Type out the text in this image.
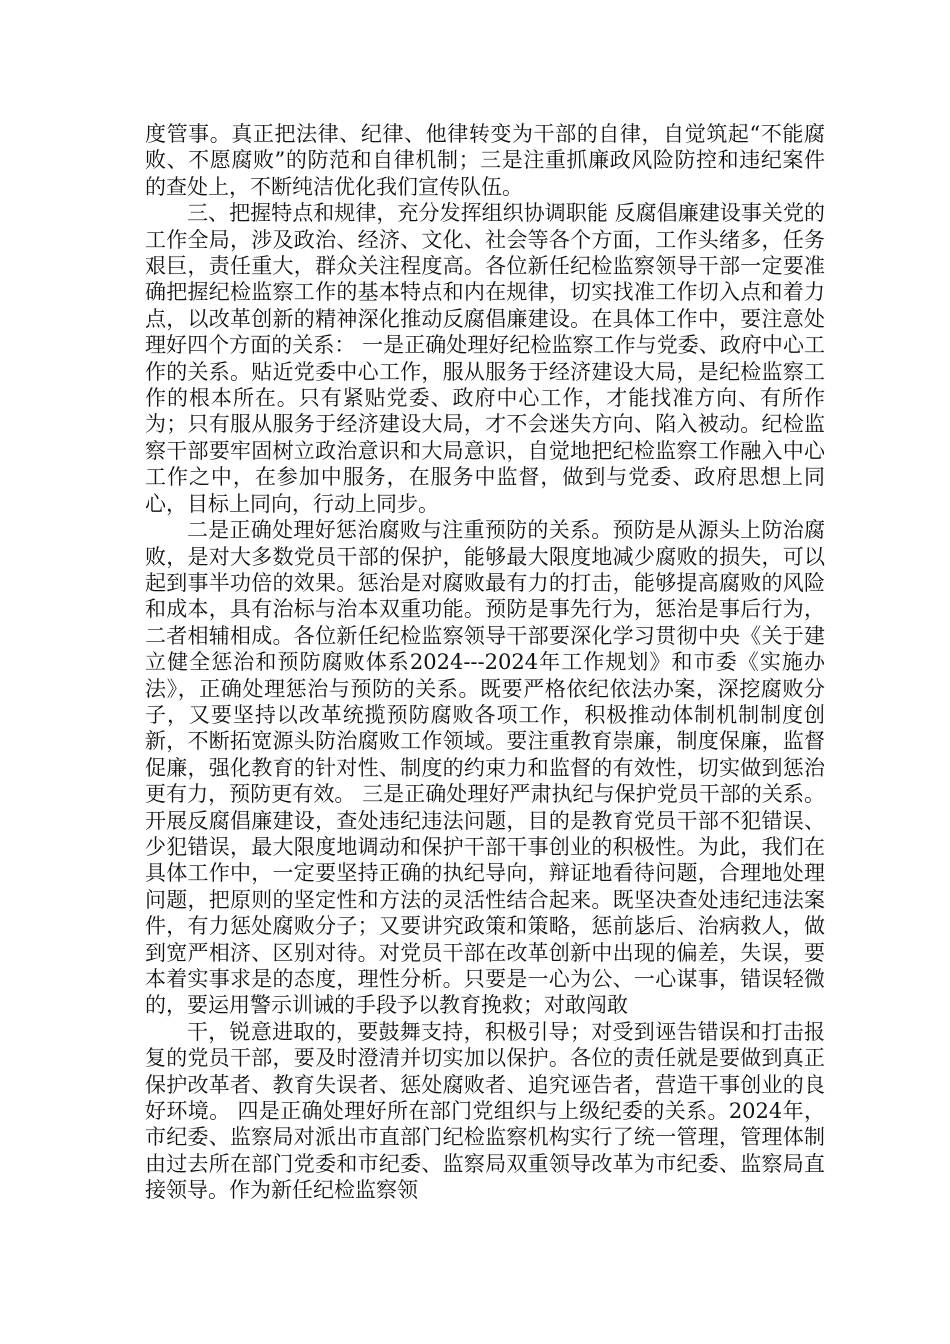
度管事。真正把法律、纪律、他律转变为干部的自律，自觉筑起“不能腐败、不愿腐败”的防范和自律机制；三是注重抓廉政风险防控和违纪案件的查处上，不断纯洁优化我们宣传队伍。

三、把握特点和规律，充分发挥组织协调职能 反腐倡廉建设事关党的工作全局，涉及政治、经济、文化、社会等各个方面，工作头绪多，任务艰巨，责任重大，群众关注程度高。各位新任纪检监察领导干部一定要准确把握纪检监察工作的基本特点和内在规律，切实找准工作切入点和着力点，以改革创新的精神深化推动反腐倡廉建设。在具体工作中，要注意处理好四个方面的关系： 一是正确处理好纪检监察工作与党委、政府中心工作的关系。贴近党委中心工作，服从服务于经济建设大局，是纪检监察工作的根本所在。只有紧贴党委、政府中心工作，才能找准方向、有所作为；只有服从服务于经济建设大局，才不会迷失方向、陷入被动。纪检监察干部要牢固树立政治意识和大局意识，自觉地把纪检监察工作融入中心工作之中，在参加中服务，在服务中监督，做到与党委、政府思想上同心，目标上同向，行动上同步。

二是正确处理好惩治腐败与注重预防的关系。预防是从源头上防治腐败，是对大多数党员干部的保护，能够最大限度地减少腐败的损失，可以起到事半功倍的效果。惩治是对腐败最有力的打击，能够提高腐败的风险和成本，具有治标与治本双重功能。预防是事先行为，惩治是事后行为，二者相辅相成。各位新任纪检监察领导干部要深化学习贯彻中央《关于建立健全惩治和预防腐败体系2024---2024年工作规划》和市委《实施办法》，正确处理惩治与预防的关系。既要严格依纪依法办案，深挖腐败分子，又要坚持以改革统揽预防腐败各项工作，积极推动体制机制制度创新，不断拓宽源头防治腐败工作领域。要注重教育崇廉，制度保廉，监督促廉，强化教育的针对性、制度的约束力和监督的有效性，切实做到惩治更有力，预防更有效。 三是正确处理好严肃执纪与保护党员干部的关系。开展反腐倡廉建设，查处违纪违法问题，目的是教育党员干部不犯错误、少犯错误，最大限度地调动和保护干部干事创业的积极性。为此，我们在具体工作中，一定要坚持正确的执纪导向，辩证地看待问题，合理地处理问题，把原则的坚定性和方法的灵活性结合起来。既坚决查处违纪违法案件，有力惩处腐败分子；又要讲究政策和策略，惩前毖后、治病救人，做到宽严相济、区别对待。对党员干部在改革创新中出现的偏差，失误，要本着实事求是的态度，理性分析。只要是一心为公、一心谋事，错误轻微的，要运用警示训诫的手段予以教育挽救；对敢闯敢

干，锐意进取的，要鼓舞支持，积极引导；对受到诬告错误和打击报复的党员干部，要及时澄清并切实加以保护。各位的责任就是要做到真正保护改革者、教育失误者、惩处腐败者、追究诬告者，营造干事创业的良好环境。 四是正确处理好所在部门党组织与上级纪委的关系。2024年，市纪委、监察局对派出市直部门纪检监察机构实行了统一管理，管理体制由过去所在部门党委和市纪委、监察局双重领导改革为市纪委、监察局直接领导。作为新任纪检监察领
